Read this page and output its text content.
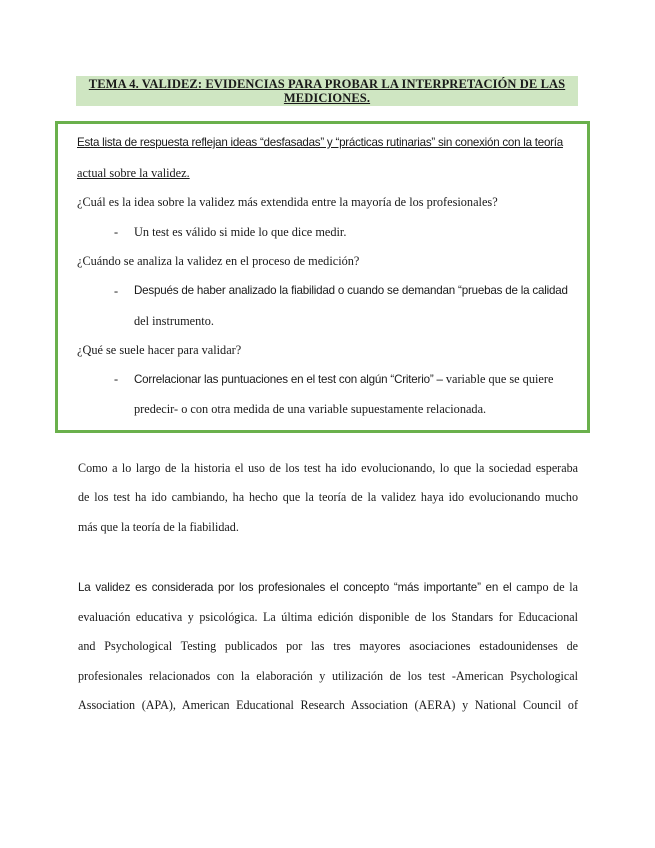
TEMA 4. VALIDEZ: EVIDENCIAS PARA PROBAR LA INTERPRETACIÓN DE LAS
MEDICIONES.
Esta lista de respuesta reflejan ideas “desfasadas” y “prácticas rutinarias” sin conexión con la teoría
actual sobre la validez.
¿Cuál es la idea sobre la validez más extendida entre la mayoría de los profesionales?
- Un test es válido si mide lo que dice medir.
¿Cuándo se analiza la validez en el proceso de medición?
- Después de haber analizado la fiabilidad o cuando se demandan “pruebas de la calidad
del instrumento.
¿Qué se suele hacer para validar?
- Correlacionar las puntuaciones en el test con algún “Criterio” – variable que se quiere
predecir- o con otra medida de una variable supuestamente relacionada.
Como a lo largo de la historia el uso de los test ha ido evolucionando, lo que la sociedad esperaba
de los test ha ido cambiando, ha hecho que la teoría de la validez haya ido evolucionando mucho
más que la teoría de la fiabilidad.
La validez es considerada por los profesionales el concepto “más importante” en el campo de la
evaluación educativa y psicológica. La última edición disponible de los Standars for Educacional
and Psychological Testing publicados por las tres mayores asociaciones estadounidenses de
profesionales relacionados con la elaboración y utilización de los test -American Psychological
Association (APA), American Educational Research Association (AERA) y National Council of
